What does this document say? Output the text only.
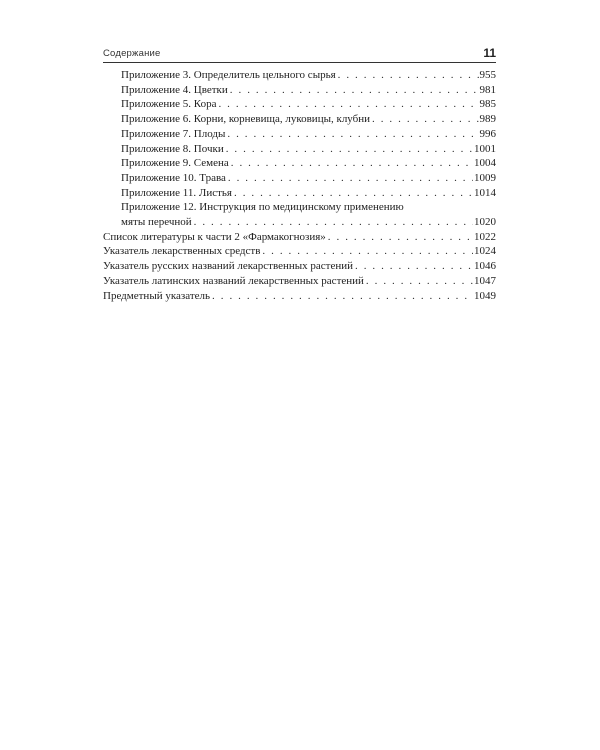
Содержание	11
Приложение 3. Определитель цельного сырья . . .	955
Приложение 4. Цветки . . .	981
Приложение 5. Кора . . .	985
Приложение 6. Корни, корневища, луковицы, клубни . . .	989
Приложение 7. Плоды . . .	996
Приложение 8. Почки . . .	1001
Приложение 9. Семена . . .	1004
Приложение 10. Трава . . .	1009
Приложение 11. Листья . . .	1014
Приложение 12. Инструкция по медицинскому применению
мяты перечной . . .	1020
Список литературы к части 2 «Фармакогнозия» . . .	1022
Указатель лекарственных средств . . .	1024
Указатель русских названий лекарственных растений . . .	1046
Указатель латинских названий лекарственных растений . . .	1047
Предметный указатель . . .	1049
